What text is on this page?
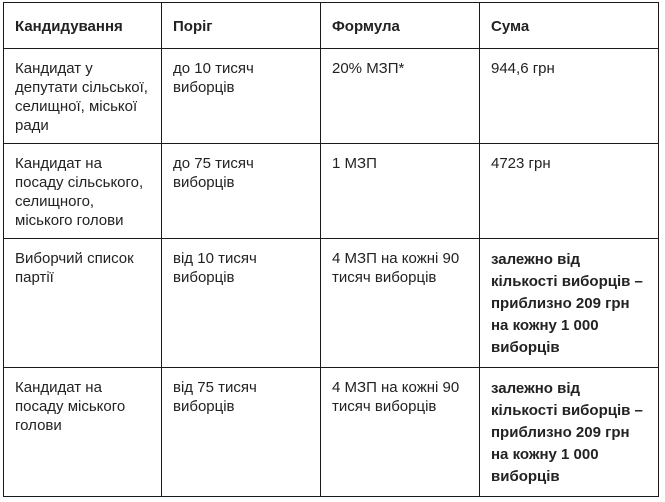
Кандидування	Поріг	Формула	Сума
Кандидат у депутати сільської, селищної, міської ради	до 10 тисяч виборців	20% МЗП*	944,6 грн
Кандидат на посаду сільського, селищного, міського голови	до 75 тисяч виборців	1 МЗП	4723 грн
Виборчий список партії	від 10 тисяч виборців	4 МЗП на кожні 90 тисяч виборців	залежно від кількості виборців – приблизно 209 грн на кожну 1 000 виборців
Кандидат на посаду міського голови	від 75 тисяч виборців	4 МЗП на кожні 90 тисяч виборців	залежно від кількості виборців – приблизно 209 грн на кожну 1 000 виборців
